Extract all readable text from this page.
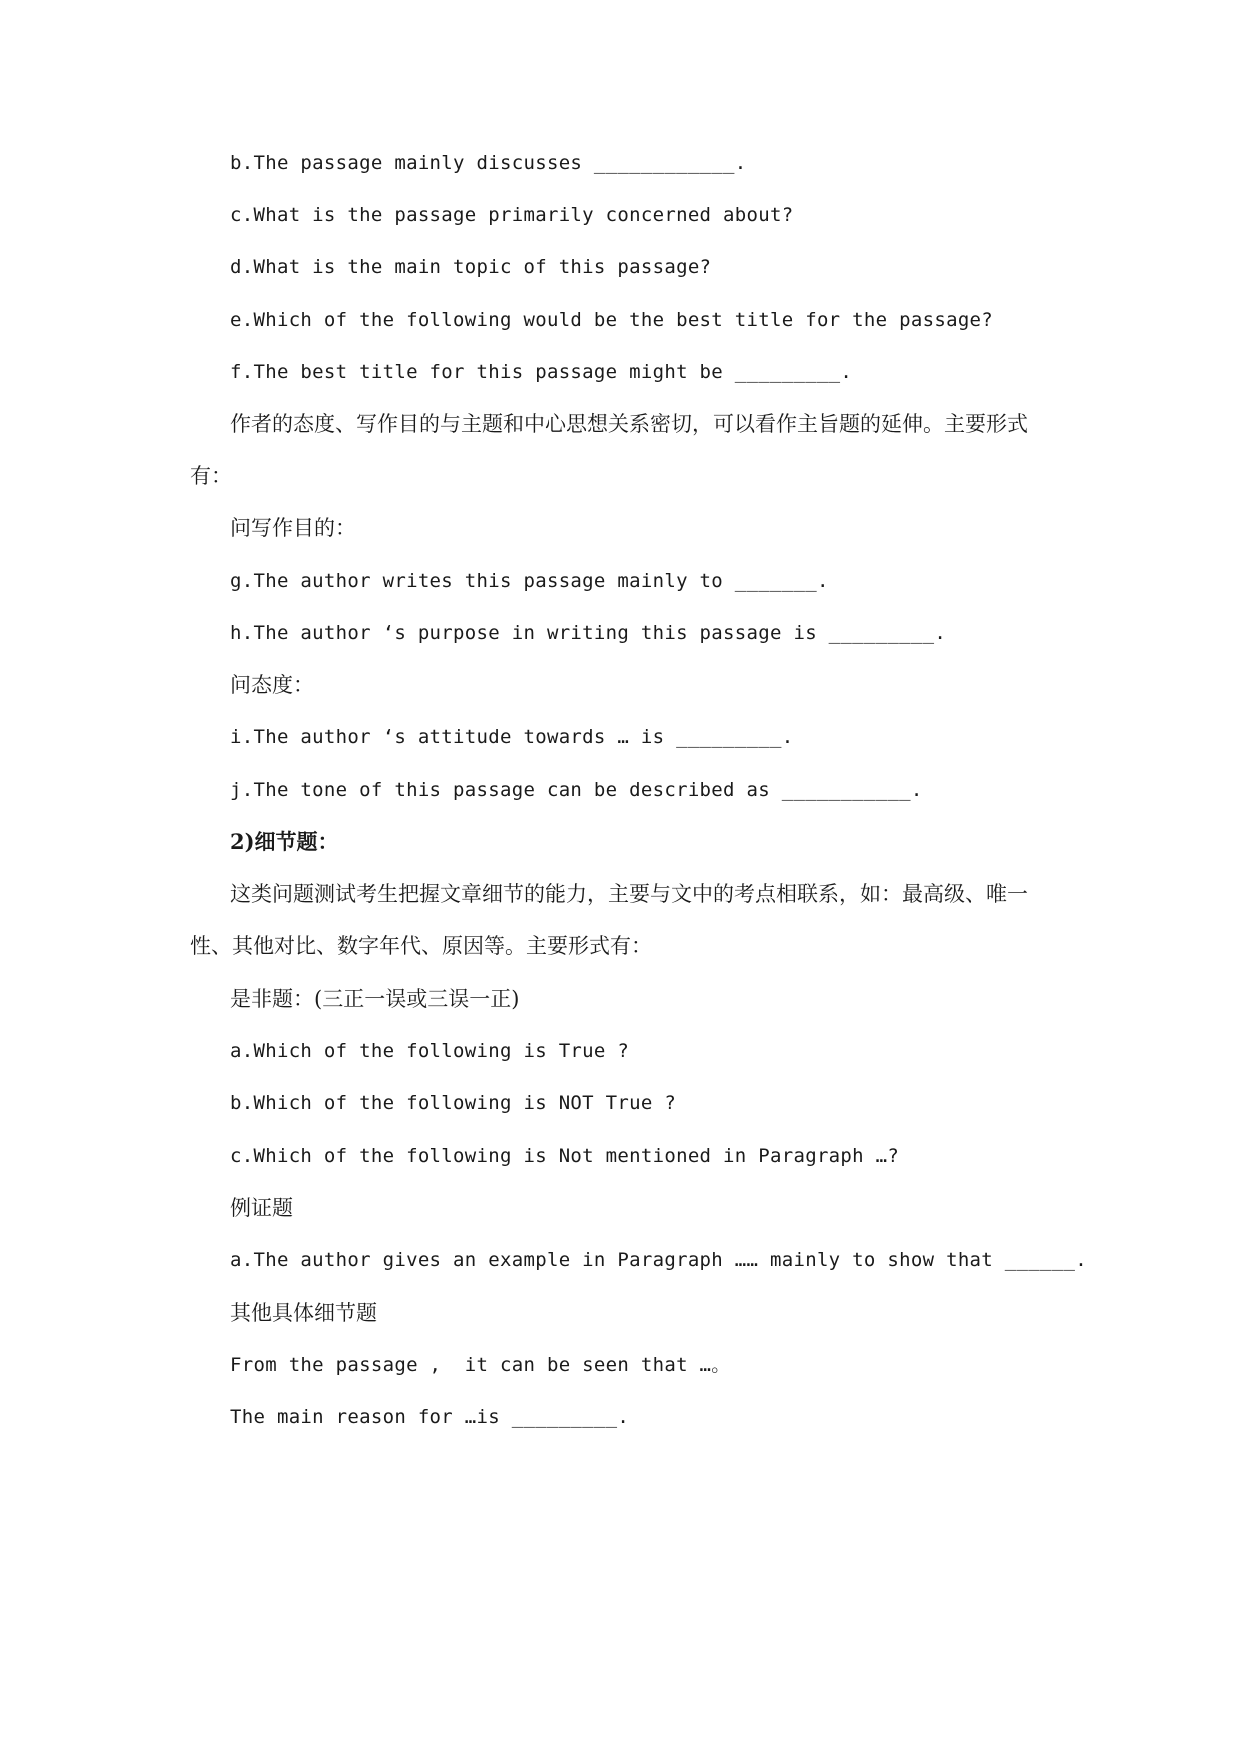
b.The passage mainly discusses ____________.
c.What is the passage primarily concerned about?
d.What is the main topic of this passage?
e.Which of the following would be the best title for the passage?
f.The best title for this passage might be _________.
作者的态度、写作目的与主题和中心思想关系密切，可以看作主旨题的延伸。主要形式
有：
问写作目的：
g.The author writes this passage mainly to _______.
h.The author ‘s purpose in writing this passage is _________.
问态度：
i.The author ‘s attitude towards … is _________.
j.The tone of this passage can be described as ___________.
2)细节题：
这类问题测试考生把握文章细节的能力，主要与文中的考点相联系，如：最高级、唯一
性、其他对比、数字年代、原因等。主要形式有：
是非题：(三正一误或三误一正)
a.Which of the following is True ?
b.Which of the following is NOT True ?
c.Which of the following is Not mentioned in Paragraph …?
例证题
a.The author gives an example in Paragraph …… mainly to show that ______.
其他具体细节题
From the passage ,  it can be seen that …。
The main reason for …is _________.
